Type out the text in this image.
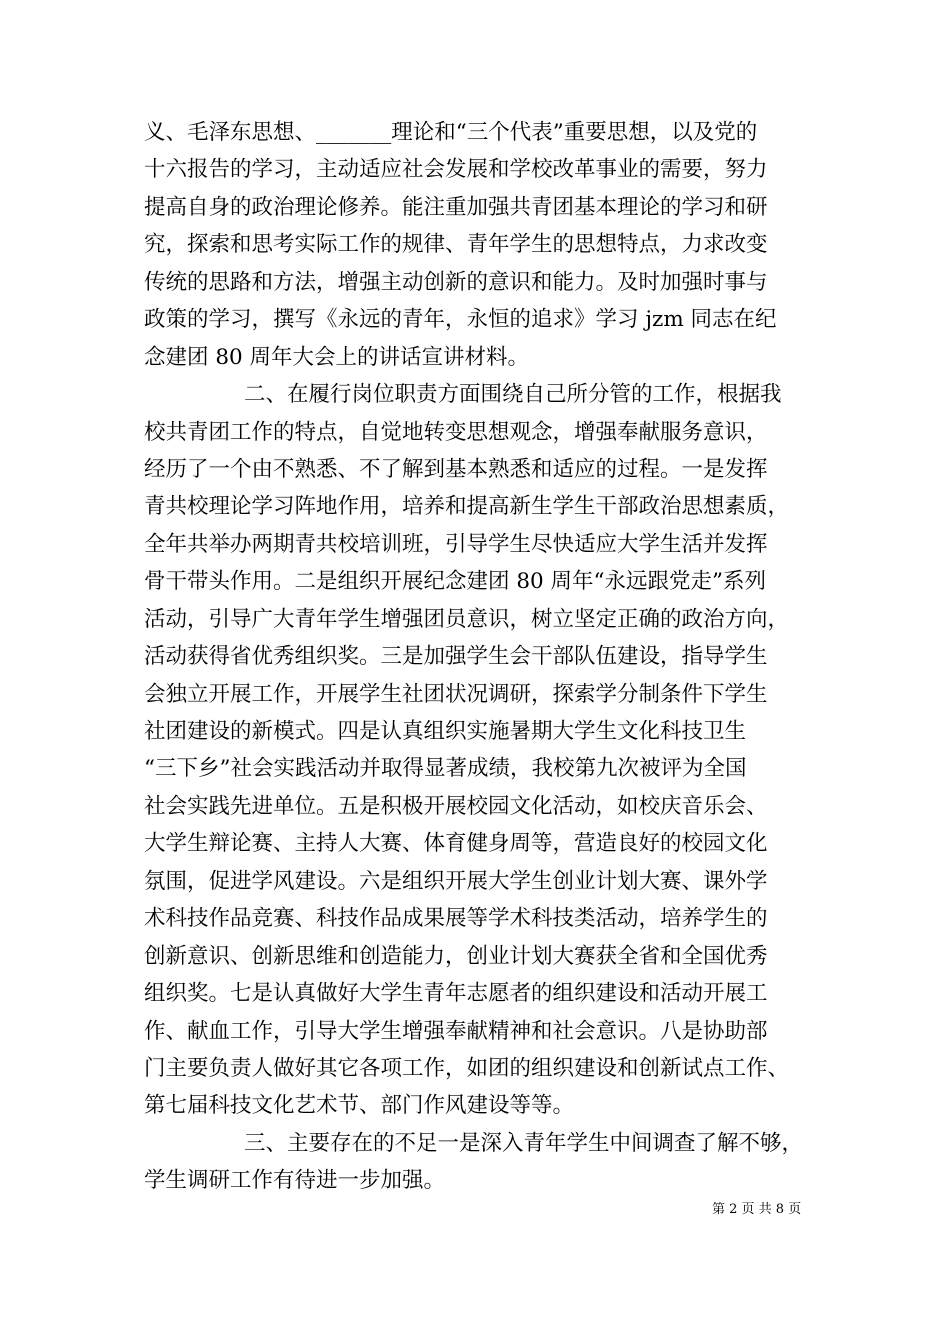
义、毛泽东思想、_______理论和“三个代表”重要思想，以及党的
十六报告的学习，主动适应社会发展和学校改革事业的需要，努力
提高自身的政治理论修养。能注重加强共青团基本理论的学习和研
究，探索和思考实际工作的规律、青年学生的思想特点，力求改变
传统的思路和方法，增强主动创新的意识和能力。及时加强时事与
政策的学习，撰写《永远的青年，永恒的追求》学习 jzm 同志在纪
念建团 80 周年大会上的讲话宣讲材料。
二、在履行岗位职责方面围绕自己所分管的工作，根据我
校共青团工作的特点，自觉地转变思想观念，增强奉献服务意识，
经历了一个由不熟悉、不了解到基本熟悉和适应的过程。一是发挥
青共校理论学习阵地作用，培养和提高新生学生干部政治思想素质，
全年共举办两期青共校培训班，引导学生尽快适应大学生活并发挥
骨干带头作用。二是组织开展纪念建团 80 周年“永远跟党走”系列
活动，引导广大青年学生增强团员意识，树立坚定正确的政治方向，
活动获得省优秀组织奖。三是加强学生会干部队伍建设，指导学生
会独立开展工作，开展学生社团状况调研，探索学分制条件下学生
社团建设的新模式。四是认真组织实施暑期大学生文化科技卫生
“三下乡”社会实践活动并取得显著成绩，我校第九次被评为全国
社会实践先进单位。五是积极开展校园文化活动，如校庆音乐会、
大学生辩论赛、主持人大赛、体育健身周等，营造良好的校园文化
氛围，促进学风建设。六是组织开展大学生创业计划大赛、课外学
术科技作品竞赛、科技作品成果展等学术科技类活动，培养学生的
创新意识、创新思维和创造能力，创业计划大赛获全省和全国优秀
组织奖。七是认真做好大学生青年志愿者的组织建设和活动开展工
作、献血工作，引导大学生增强奉献精神和社会意识。八是协助部
门主要负责人做好其它各项工作，如团的组织建设和创新试点工作、
第七届科技文化艺术节、部门作风建设等等。
三、主要存在的不足一是深入青年学生中间调查了解不够，
学生调研工作有待进一步加强。
第 2 页 共 8 页
